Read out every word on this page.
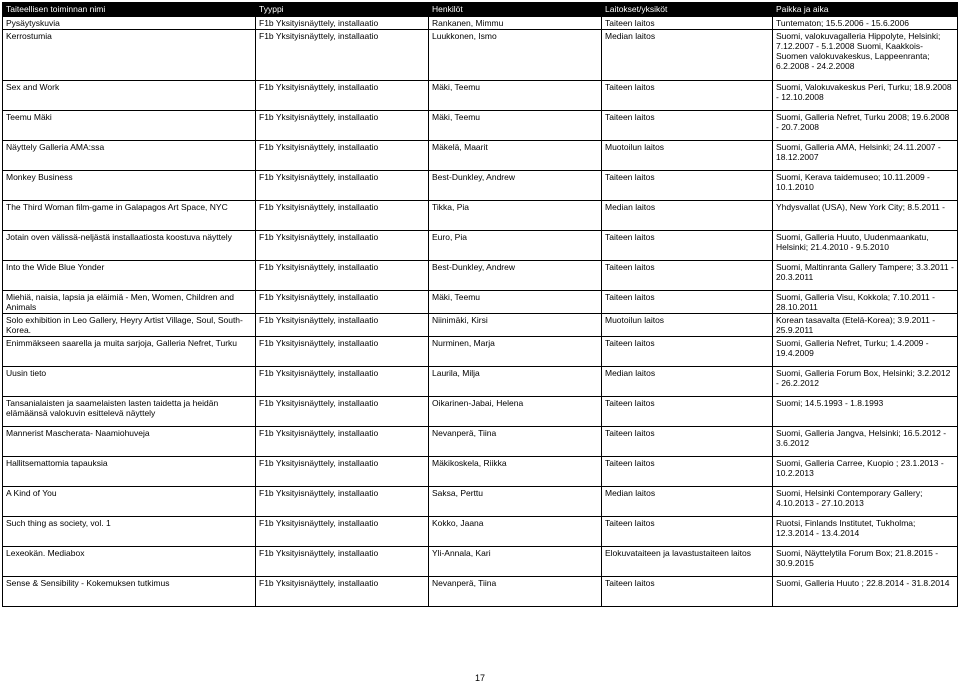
Taiteellisen toiminnan nimi	Tyyppi	Henkilöt	Laitokset/yksiköt	Paikka ja aika
Pysäytyskuvia	F1b Yksityisnäyttely, installaatio	Rankanen, Mimmu	Taiteen laitos	Tuntematon; 15.5.2006 - 15.6.2006
Kerrostumia	F1b Yksityisnäyttely, installaatio	Luukkonen, Ismo	Median laitos	Suomi, valokuvagalleria Hippolyte, Helsinki; 7.12.2007 - 5.1.2008 Suomi, Kaakkois-Suomen valokuvakeskus, Lappeenranta; 6.2.2008 - 24.2.2008
Sex and Work	F1b Yksityisnäyttely, installaatio	Mäki, Teemu	Taiteen laitos	Suomi, Valokuvakeskus Peri, Turku; 18.9.2008 - 12.10.2008
Teemu Mäki	F1b Yksityisnäyttely, installaatio	Mäki, Teemu	Taiteen laitos	Suomi, Galleria Nefret, Turku 2008; 19.6.2008 - 20.7.2008
Näyttely Galleria AMA:ssa	F1b Yksityisnäyttely, installaatio	Mäkelä, Maarit	Muotoilun laitos	Suomi, Galleria AMA, Helsinki; 24.11.2007 - 18.12.2007
Monkey Business	F1b Yksityisnäyttely, installaatio	Best-Dunkley, Andrew	Taiteen laitos	Suomi, Kerava taidemuseo; 10.11.2009 - 10.1.2010
The Third Woman film-game in Galapagos Art Space, NYC	F1b Yksityisnäyttely, installaatio	Tikka, Pia	Median laitos	Yhdysvallat (USA), New York City; 8.5.2011 -
Jotain oven välissä-neljästä installaatiosta koostuva näyttely	F1b Yksityisnäyttely, installaatio	Euro, Pia	Taiteen laitos	Suomi, Galleria Huuto, Uudenmaankatu, Helsinki; 21.4.2010 - 9.5.2010
Into the Wide Blue Yonder	F1b Yksityisnäyttely, installaatio	Best-Dunkley, Andrew	Taiteen laitos	Suomi, Maltinranta Gallery Tampere; 3.3.2011 - 20.3.2011
Miehiä, naisia, lapsia ja eläimiä - Men, Women, Children and Animals	F1b Yksityisnäyttely, installaatio	Mäki, Teemu	Taiteen laitos	Suomi, Galleria Visu, Kokkola; 7.10.2011 - 28.10.2011
Solo exhibition in Leo Gallery, Heyry Artist Village, Soul, South-Korea.	F1b Yksityisnäyttely, installaatio	Niinimäki, Kirsi	Muotoilun laitos	Korean tasavalta (Etelä-Korea); 3.9.2011 - 25.9.2011
Enimmäkseen saarella ja muita sarjoja, Galleria Nefret, Turku	F1b Yksityisnäyttely, installaatio	Nurminen, Marja	Taiteen laitos	Suomi, Galleria Nefret, Turku; 1.4.2009 - 19.4.2009
Uusin tieto	F1b Yksityisnäyttely, installaatio	Laurila, Milja	Median laitos	Suomi, Galleria Forum Box, Helsinki; 3.2.2012 - 26.2.2012
Tansanialaisten ja saamelaisten lasten taidetta ja heidän elämäänsä valokuvin esittelevä näyttely	F1b Yksityisnäyttely, installaatio	Oikarinen-Jabai, Helena	Taiteen laitos	Suomi; 14.5.1993 - 1.8.1993
Mannerist Mascherata- Naamiohuveja	F1b Yksityisnäyttely, installaatio	Nevanperä, Tiina	Taiteen laitos	Suomi, Galleria Jangva, Helsinki; 16.5.2012 - 3.6.2012
Hallitsemattomia tapauksia	F1b Yksityisnäyttely, installaatio	Mäkikoskela, Riikka	Taiteen laitos	Suomi, Galleria Carree, Kuopio ; 23.1.2013 - 10.2.2013
A Kind of You	F1b Yksityisnäyttely, installaatio	Saksa, Perttu	Median laitos	Suomi, Helsinki Contemporary Gallery; 4.10.2013 - 27.10.2013
Such thing as society, vol. 1	F1b Yksityisnäyttely, installaatio	Kokko, Jaana	Taiteen laitos	Ruotsi, Finlands Institutet, Tukholma; 12.3.2014 - 13.4.2014
Lexeokän. Mediabox	F1b Yksityisnäyttely, installaatio	Yli-Annala, Kari	Elokuvataiteen ja lavastustaiteen laitos	Suomi, Näyttelytila Forum Box; 21.8.2015 - 30.9.2015
Sense & Sensibility - Kokemuksen tutkimus	F1b Yksityisnäyttely, installaatio	Nevanperä, Tiina	Taiteen laitos	Suomi, Galleria Huuto ; 22.8.2014 - 31.8.2014
17
